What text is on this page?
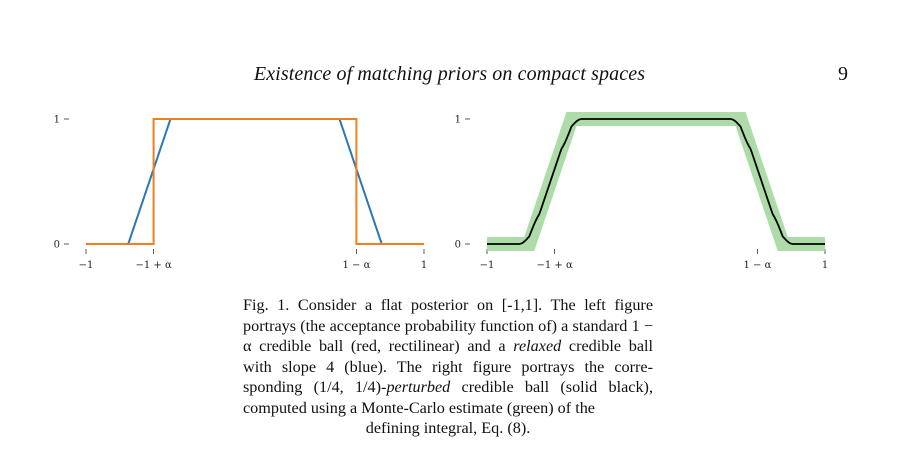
Existence of matching priors on compact spaces	9
−1	−1 + α	1 − α	1
0
1
−1	−1 + α	1 − α	1
0
1
Fig. 1. Consider a flat posterior on [-1,1]. The left figure portrays (the acceptance probability function of) a standard 1 − α credible ball (red, rectilinear) and a relaxed credible ball with slope 4 (blue). The right figure portrays the corre-sponding (1/4, 1/4)-perturbed credible ball (solid black), computed using a Monte-Carlo estimate (green) of the
defining integral, Eq. (8).
